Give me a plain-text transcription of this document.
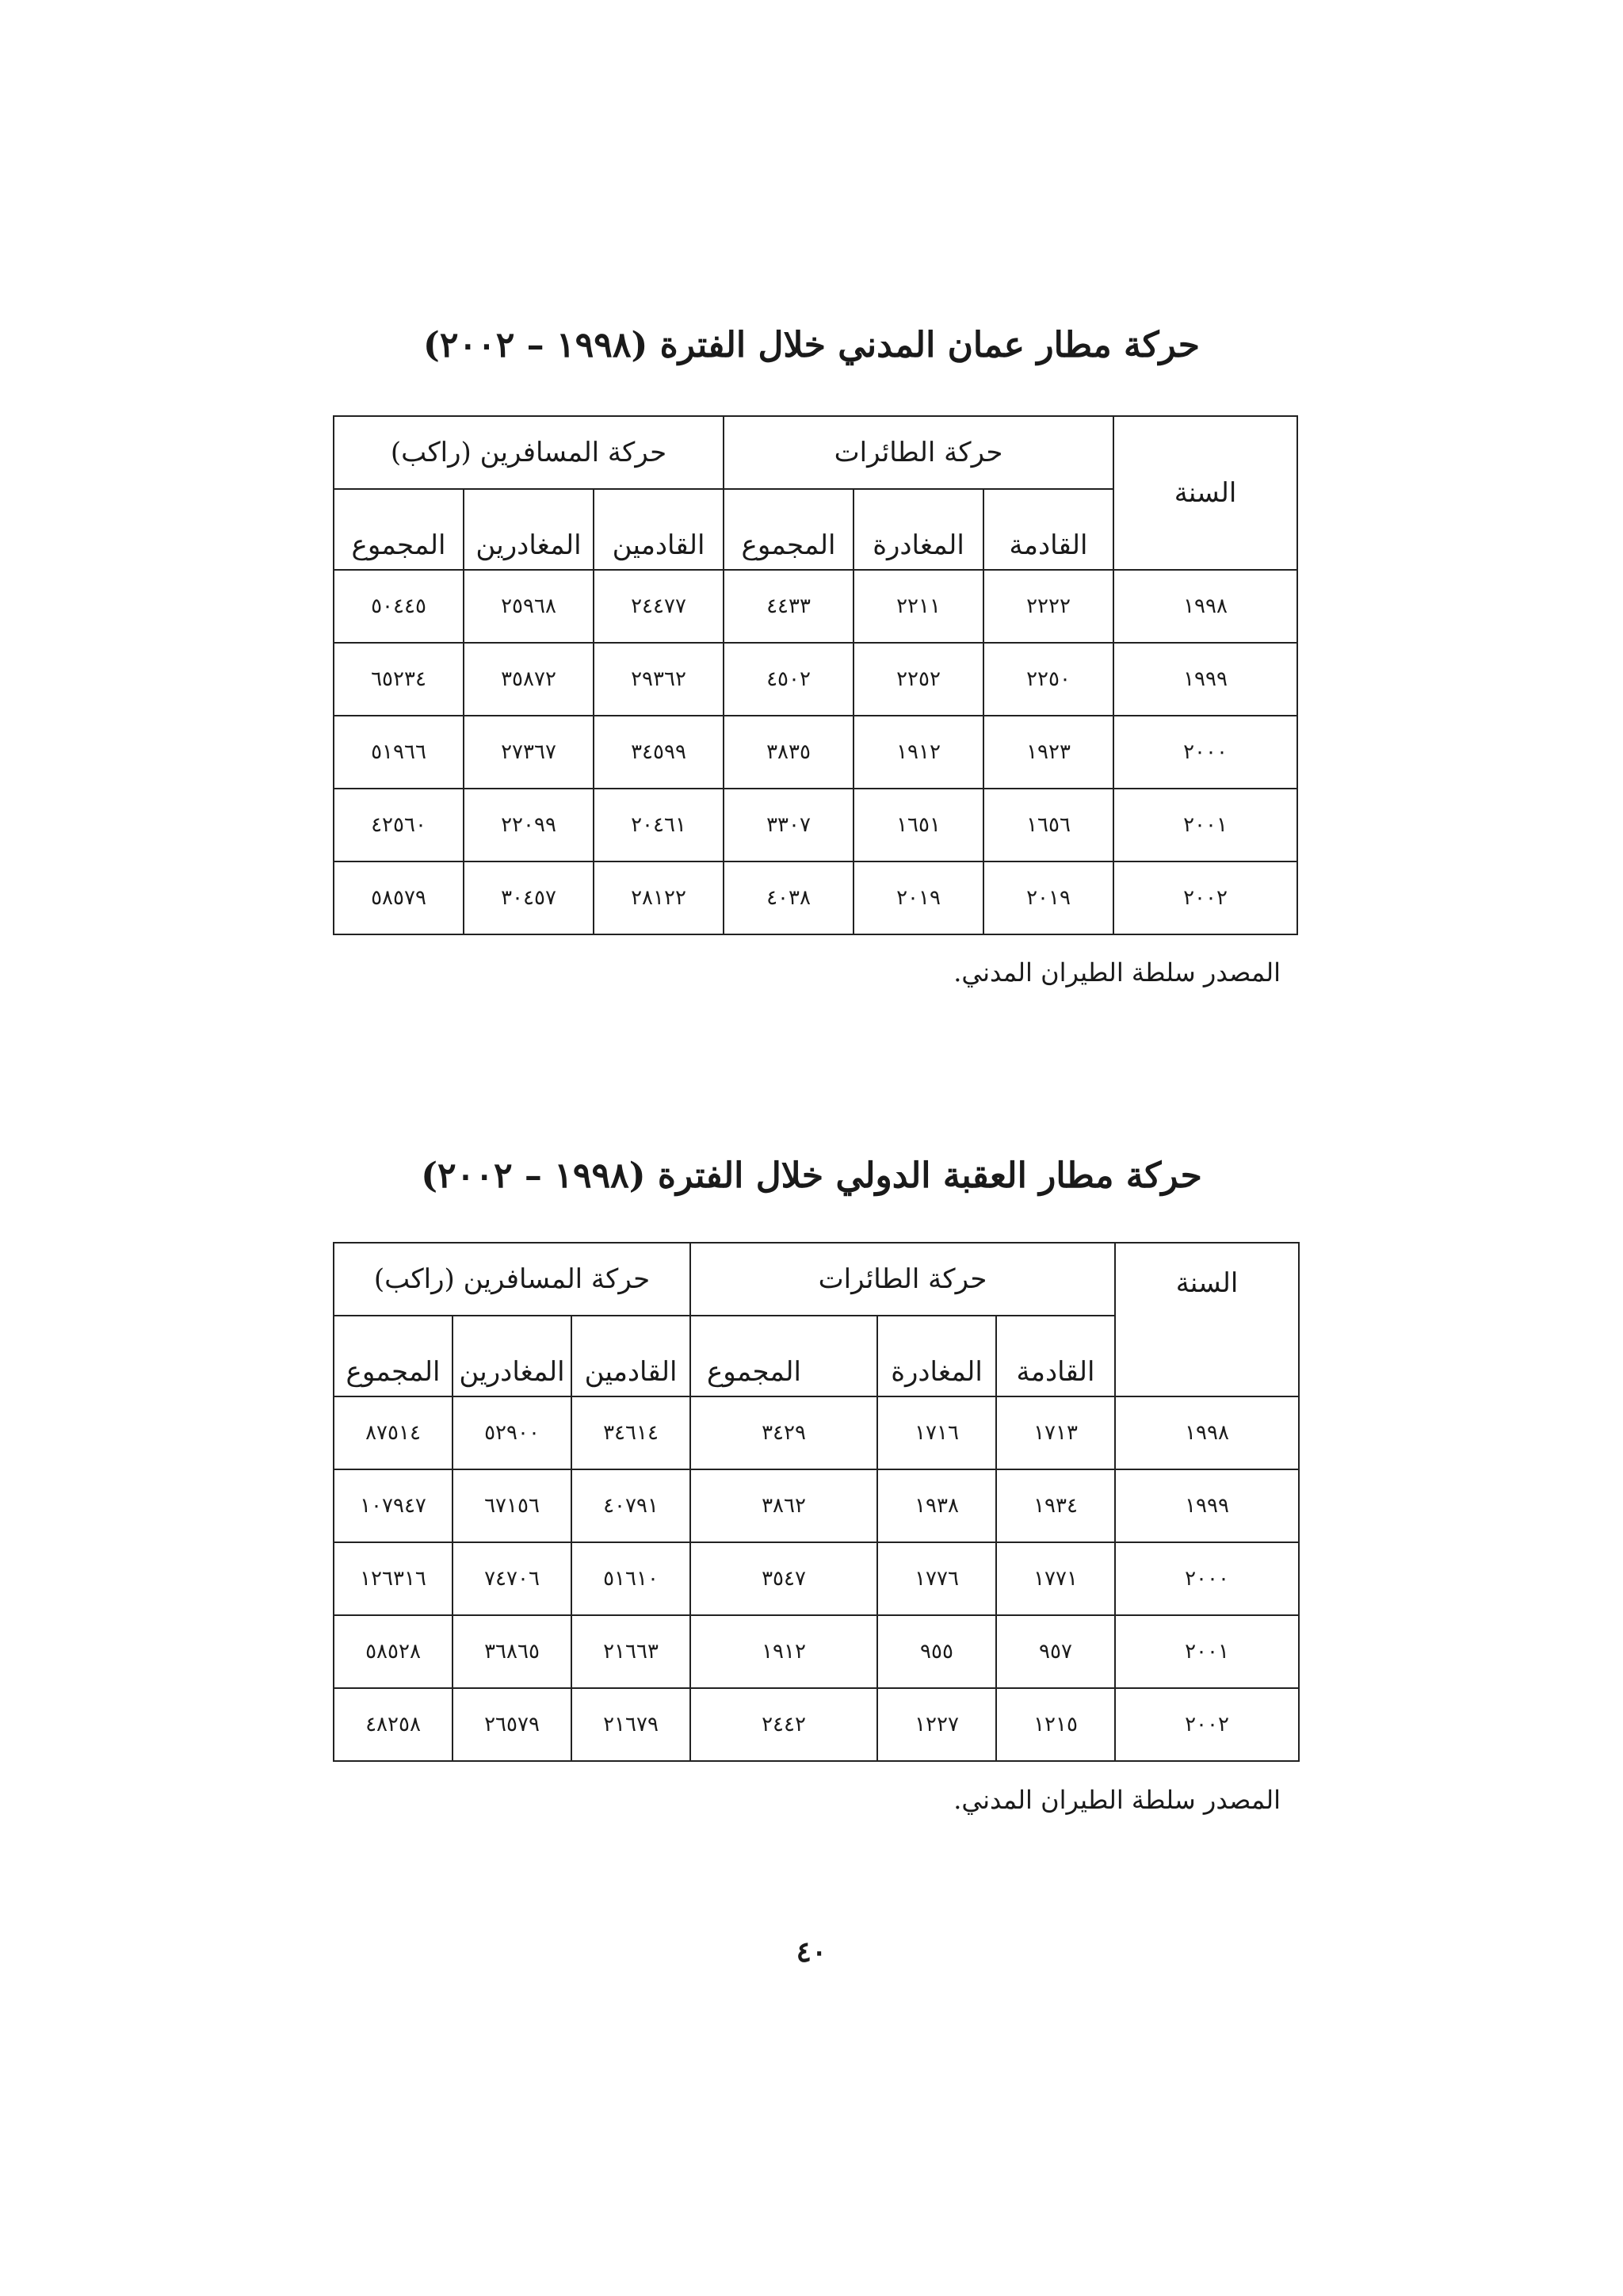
حركة مطار عمان المدني خلال الفترة (١٩٩٨ – ٢٠٠٢)
السنة	حركة الطائرات			حركة المسافرين (راكب)		
	القادمة	المغادرة	المجموع	القادمين	المغادرين	المجموع
١٩٩٨	٢٢٢٢	٢٢١١	٤٤٣٣	٢٤٤٧٧	٢٥٩٦٨	٥٠٤٤٥
١٩٩٩	٢٢٥٠	٢٢٥٢	٤٥٠٢	٢٩٣٦٢	٣٥٨٧٢	٦٥٢٣٤
٢٠٠٠	١٩٢٣	١٩١٢	٣٨٣٥	٣٤٥٩٩	٢٧٣٦٧	٥١٩٦٦
٢٠٠١	١٦٥٦	١٦٥١	٣٣٠٧	٢٠٤٦١	٢٢٠٩٩	٤٢٥٦٠
٢٠٠٢	٢٠١٩	٢٠١٩	٤٠٣٨	٢٨١٢٢	٣٠٤٥٧	٥٨٥٧٩

المصدر سلطة الطيران المدني.

حركة مطار العقبة الدولي خلال الفترة (١٩٩٨ – ٢٠٠٢)
السنة	حركة الطائرات			حركة المسافرين (راكب)		
	القادمة	المغادرة	المجموع	القادمين	المغادرين	المجموع
١٩٩٨	١٧١٣	١٧١٦	٣٤٢٩	٣٤٦١٤	٥٢٩٠٠	٨٧٥١٤
١٩٩٩	١٩٣٤	١٩٣٨	٣٨٦٢	٤٠٧٩١	٦٧١٥٦	١٠٧٩٤٧
٢٠٠٠	١٧٧١	١٧٧٦	٣٥٤٧	٥١٦١٠	٧٤٧٠٦	١٢٦٣١٦
٢٠٠١	٩٥٧	٩٥٥	١٩١٢	٢١٦٦٣	٣٦٨٦٥	٥٨٥٢٨
٢٠٠٢	١٢١٥	١٢٢٧	٢٤٤٢	٢١٦٧٩	٢٦٥٧٩	٤٨٢٥٨

المصدر سلطة الطيران المدني.

٤٠
